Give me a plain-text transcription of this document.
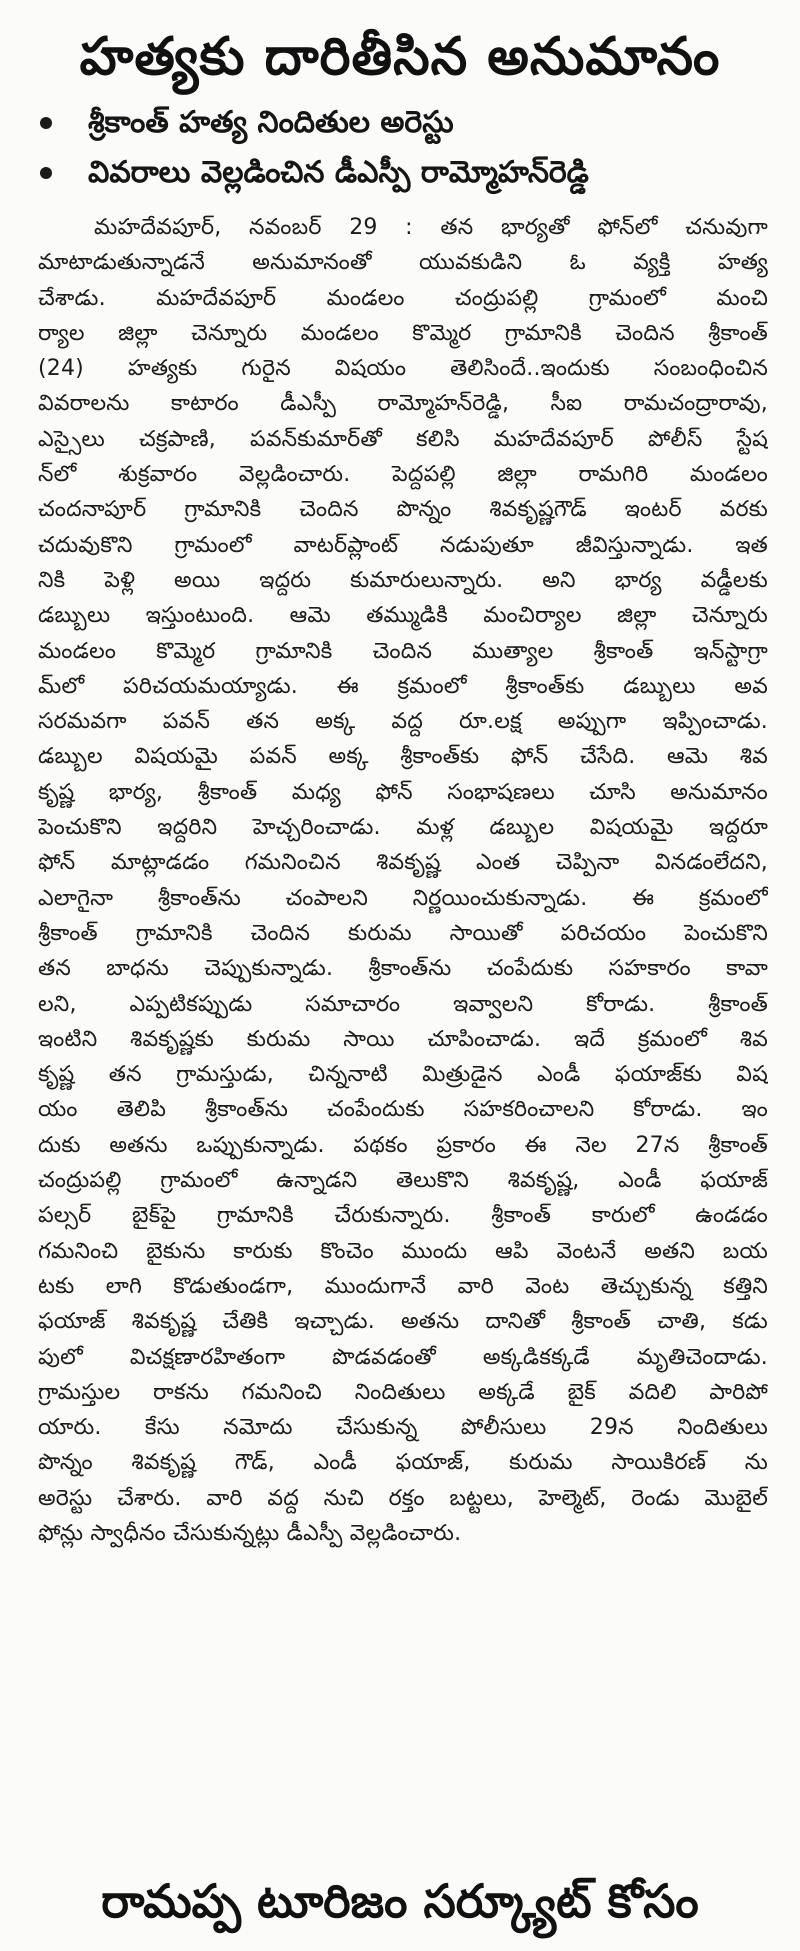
హత్యకు దారితీసిన అనుమానం
శ్రీకాంత్ హత్య నిందితుల అరెస్టు
వివరాలు వెల్లడించిన డీఎస్పీ రామ్మోహన్‌రెడ్డి
మహదేవపూర్, నవంబర్ 29 : తన భార్యతో ఫోన్‌లో చనువుగా
మాటాడుతున్నాడనే అనుమానంతో యువకుడిని ఓ వ్యక్తి హత్య
చేశాడు. మహదేవపూర్ మండలం చంద్రుపల్లి గ్రామంలో మంచి
ర్యాల జిల్లా చెన్నూరు మండలం కొమ్మెర గ్రామానికి చెందిన శ్రీకాంత్
(24) హత్యకు గురైన విషయం తెలిసిందే..ఇందుకు సంబంధించిన
వివరాలను కాటారం డీఎస్పీ రామ్మోహన్‌రెడ్డి, సీఐ రామచంద్రారావు,
ఎస్సైలు చక్రపాణి, పవన్‌కుమార్‌తో కలిసి మహదేవపూర్ పోలీస్ స్టేష
న్‌లో శుక్రవారం వెల్లడించారు. పెద్దపల్లి జిల్లా రామగిరి మండలం
చందనాపూర్ గ్రామానికి చెందిన పొన్నం శివకృష్ణగౌడ్ ఇంటర్ వరకు
చదువుకొని గ్రామంలో వాటర్‌ప్లాంట్ నడుపుతూ జీవిస్తున్నాడు. ఇత
నికి పెళ్లి అయి ఇద్దరు కుమారులున్నారు. అని భార్య వడ్డీలకు
డబ్బులు ఇస్తుంటుంది. ఆమె తమ్ముడికి మంచిర్యాల జిల్లా చెన్నూరు
మండలం కొమ్మెర గ్రామానికి చెందిన ముత్యాల శ్రీకాంత్ ఇన్‌స్టాగ్రా
మ్‌లో పరిచయమయ్యాడు. ఈ క్రమంలో శ్రీకాంత్‌కు డబ్బులు అవ
సరమవగా పవన్ తన అక్క వద్ద రూ.లక్ష అప్పుగా ఇప్పించాడు.
డబ్బుల విషయమై పవన్ అక్క శ్రీకాంత్‌కు ఫోన్ చేసేది. ఆమె శివ
కృష్ణ భార్య, శ్రీకాంత్ మధ్య ఫోన్ సంభాషణలు చూసి అనుమానం
పెంచుకొని ఇద్దరిని హెచ్చరించాడు. మళ్ల డబ్బుల విషయమై ఇద్దరూ
ఫోన్ మాట్లాడడం గమనించిన శివకృష్ణ ఎంత చెప్పినా వినడంలేదని,
ఎలాగైనా శ్రీకాంత్‌ను చంపాలని నిర్ణయించుకున్నాడు. ఈ క్రమంలో
శ్రీకాంత్ గ్రామానికి చెందిన కురుమ సాయితో పరిచయం పెంచుకొని
తన బాధను చెప్పుకున్నాడు. శ్రీకాంత్‌ను చంపేదుకు సహకారం కావా
లని, ఎప్పటికప్పుడు సమాచారం ఇవ్వాలని కోరాడు. శ్రీకాంత్
ఇంటిని శివకృష్ణకు కురుమ సాయి చూపించాడు. ఇదే క్రమంలో శివ
కృష్ణ తన గ్రామస్తుడు, చిన్ననాటి మిత్రుడైన ఎండీ ఫయాజ్‌కు విష
యం తెలిపి శ్రీకాంత్‌ను చంపేందుకు సహకరించాలని కోరాడు. ఇం
దుకు అతను ఒప్పుకున్నాడు. పథకం ప్రకారం ఈ నెల 27న శ్రీకాంత్
చంద్రుపల్లి గ్రామంలో ఉన్నాడని తెలుకొని శివకృష్ణ, ఎండీ ఫయాజ్
పల్సర్ బైక్‌పై గ్రామానికి చేరుకున్నారు. శ్రీకాంత్ కారులో ఉండడం
గమనించి బైకును కారుకు కొంచెం ముందు ఆపి వెంటనే అతని బయ
టకు లాగి కొడుతుండగా, ముందుగానే వారి వెంట తెచ్చుకున్న కత్తిని
ఫయాజ్ శివకృష్ణ చేతికి ఇచ్చాడు. అతను దానితో శ్రీకాంత్ చాతి, కడు
పులో విచక్షణారహితంగా పొడవడంతో అక్కడికక్కడే మృతిచెందాడు.
గ్రామస్తుల రాకను గమనించి నిందితులు అక్కడే బైక్ వదిలి పారిపో
యారు. కేసు నమోదు చేసుకున్న పోలీసులు 29న నిందితులు
పొన్నం శివకృష్ణ గౌడ్, ఎండీ ఫయాజ్, కురుమ సాయికిరణ్ ను
అరెస్టు చేశారు. వారి వద్ద నుచి రక్తం బట్టలు, హెల్మెట్, రెండు మొబైల్
ఫోన్లు స్వాధీనం చేసుకున్నట్లు డీఎస్పీ వెల్లడించారు.
రామప్ప టూరిజం సర్క్యూట్ కోసం
